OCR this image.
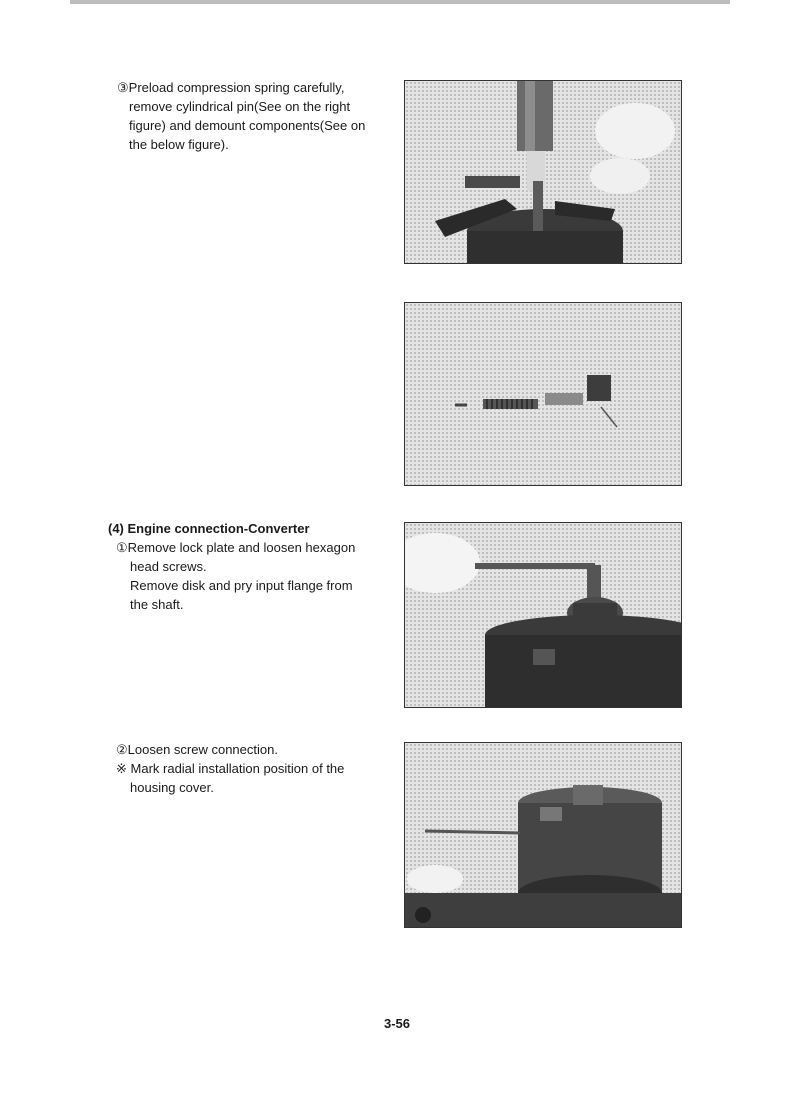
③Preload compression spring carefully,
remove cylindrical pin(See on the right
figure) and demount components(See on
the below figure).
(4) Engine connection-Converter
①Remove lock plate and loosen hexagon
head screws.
Remove disk and pry input flange from
the shaft.
②Loosen screw connection.
※ Mark radial installation position of the
housing cover.
3-56
